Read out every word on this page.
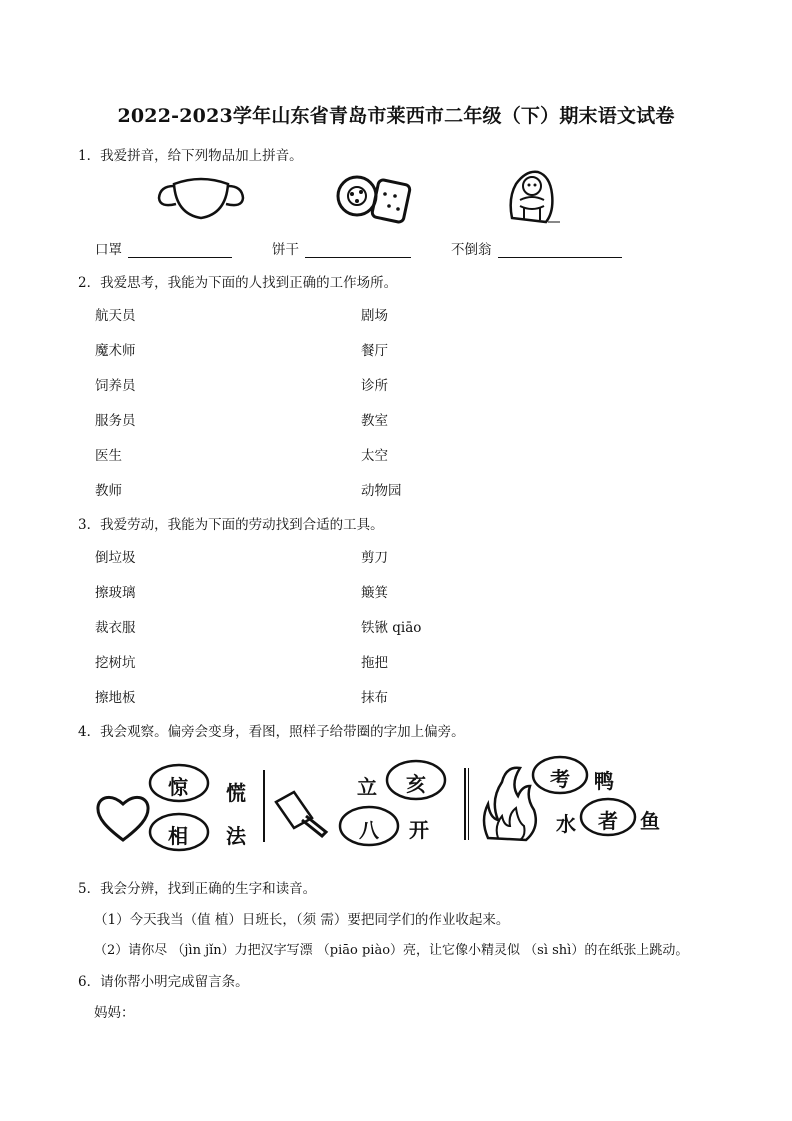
2022-2023学年山东省青岛市莱西市二年级（下）期末语文试卷
1．我爱拼音，给下列物品加上拼音。
口罩	饼干	不倒翁
2．我爱思考，我能为下面的人找到正确的工作场所。
航天员
魔术师
饲养员
服务员
医生
教师
剧场
餐厅
诊所
教室
太空
动物园
3．我爱劳动，我能为下面的劳动找到合适的工具。
倒垃圾
擦玻璃
裁衣服
挖树坑
擦地板
剪刀
簸箕
铁锹 qiāo
拖把
抹布
4．我会观察。偏旁会变身，看图，照样子给带圈的字加上偏旁。
惊
相
慌
法
立 亥
八 开
考 鸭
水 者 鱼
5．我会分辨，找到正确的生字和读音。
（1）今天我当（值 植）日班长，（须 需）要把同学们的作业收起来。
（2）请你尽 （jìn jǐn）力把汉字写漂 （piāo piào）亮，让它像小精灵似 （sì shì）的在纸张上跳动。
6．请你帮小明完成留言条。
妈妈：
